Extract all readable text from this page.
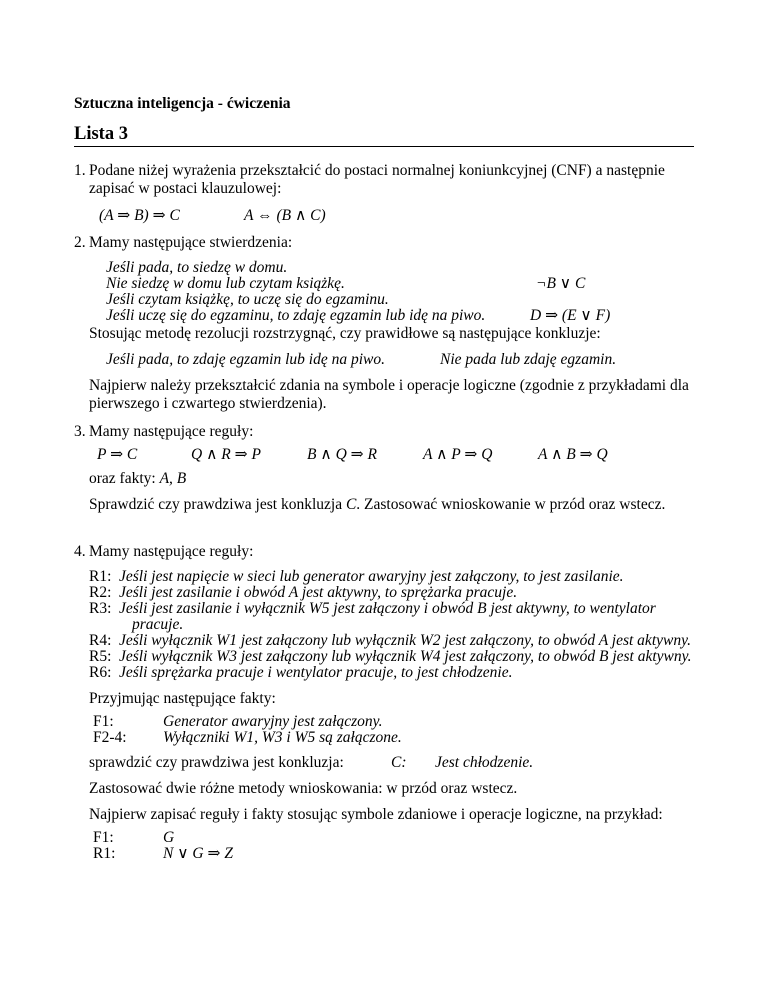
Sztuczna inteligencja - ćwiczenia
Lista 3
1. Podane niżej wyrażenia przekształcić do postaci normalnej koniunkcyjnej (CNF) a następnie
zapisać w postaci klauzulowej:
(A ⇒ B) ⇒ C	A ⇔ (B ∧ C)
2. Mamy następujące stwierdzenia:
Jeśli pada, to siedzę w domu.
Nie siedzę w domu lub czytam książkę.	¬B ∨ C
Jeśli czytam książkę, to uczę się do egzaminu.
Jeśli uczę się do egzaminu, to zdaję egzamin lub idę na piwo.	D ⇒ (E ∨ F)
Stosując metodę rezolucji rozstrzygnąć, czy prawidłowe są następujące konkluzje:
Jeśli pada, to zdaję egzamin lub idę na piwo.	Nie pada lub zdaję egzamin.
Najpierw należy przekształcić zdania na symbole i operacje logiczne (zgodnie z przykładami dla
pierwszego i czwartego stwierdzenia).
3. Mamy następujące reguły:
P ⇒ C	Q ∧ R ⇒ P	B ∧ Q ⇒ R	A ∧ P ⇒ Q	A ∧ B ⇒ Q
oraz fakty: A, B
Sprawdzić czy prawdziwa jest konkluzja C. Zastosować wnioskowanie w przód oraz wstecz.
4. Mamy następujące reguły:
R1: Jeśli jest napięcie w sieci lub generator awaryjny jest załączony, to jest zasilanie.
R2: Jeśli jest zasilanie i obwód A jest aktywny, to sprężarka pracuje.
R3: Jeśli jest zasilanie i wyłącznik W5 jest załączony i obwód B jest aktywny, to wentylator
pracuje.
R4: Jeśli wyłącznik W1 jest załączony lub wyłącznik W2 jest załączony, to obwód A jest aktywny.
R5: Jeśli wyłącznik W3 jest załączony lub wyłącznik W4 jest załączony, to obwód B jest aktywny.
R6: Jeśli sprężarka pracuje i wentylator pracuje, to jest chłodzenie.
Przyjmując następujące fakty:
F1:	Generator awaryjny jest załączony.
F2-4: Wyłączniki W1, W3 i W5 są załączone.
sprawdzić czy prawdziwa jest konkluzja:	C: Jest chłodzenie.
Zastosować dwie różne metody wnioskowania: w przód oraz wstecz.
Najpierw zapisać reguły i fakty stosując symbole zdaniowe i operacje logiczne, na przykład:
F1:	G
R1:	N ∨ G ⇒ Z
